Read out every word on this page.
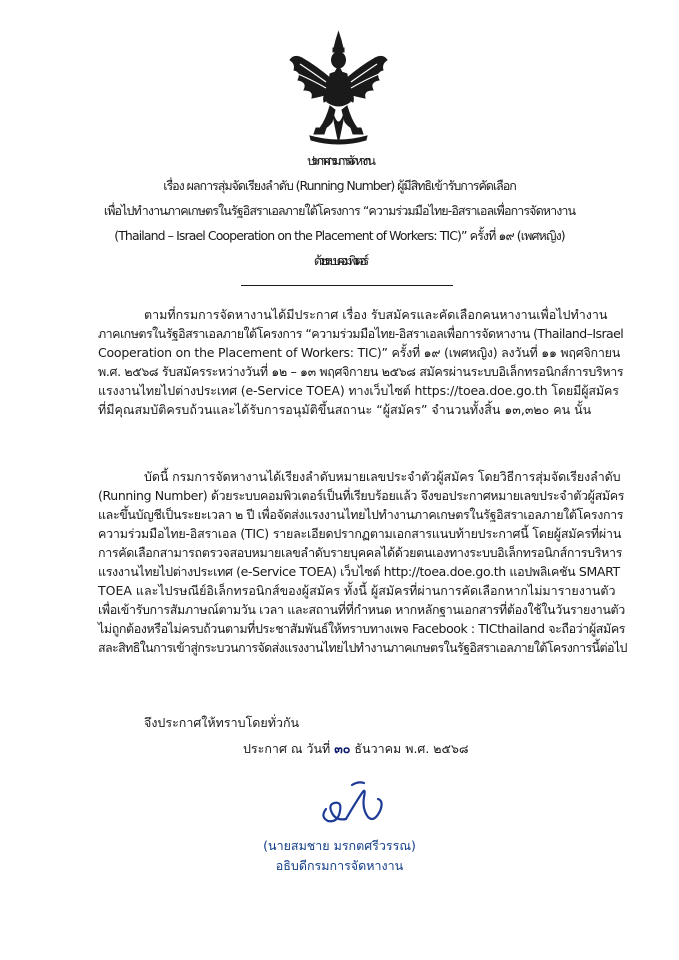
ประกาศกรมการจัดหางาน
เรื่อง ผลการสุ่มจัดเรียงลำดับ (Running Number) ผู้มีสิทธิเข้ารับการคัดเลือก
เพื่อไปทำงานภาคเกษตรในรัฐอิสราเอลภายใต้โครงการ “ความร่วมมือไทย-อิสราเอลเพื่อการจัดหางาน
(Thailand – Israel Cooperation on the Placement of Workers: TIC)” ครั้งที่ ๑๙ (เพศหญิง)
ด้วยระบบคอมพิวเตอร์
ตามที่กรมการจัดหางานได้มีประกาศ เรื่อง รับสมัครและคัดเลือกคนหางานเพื่อไปทำงาน
ภาคเกษตรในรัฐอิสราเอลภายใต้โครงการ “ความร่วมมือไทย-อิสราเอลเพื่อการจัดหางาน (Thailand–Israel
Cooperation on the Placement of Workers: TIC)” ครั้งที่ ๑๙ (เพศหญิง) ลงวันที่ ๑๑ พฤศจิกายน
พ.ศ. ๒๕๖๘ รับสมัครระหว่างวันที่ ๑๒ – ๑๓ พฤศจิกายน ๒๕๖๘ สมัครผ่านระบบอิเล็กทรอนิกส์การบริหาร
แรงงานไทยไปต่างประเทศ (e-Service TOEA) ทางเว็บไซต์ https://toea.doe.go.th โดยมีผู้สมัคร
ที่มีคุณสมบัติครบถ้วนและได้รับการอนุมัติขึ้นสถานะ “ผู้สมัคร” จำนวนทั้งสิ้น ๑๓,๓๒๐ คน นั้น
บัดนี้ กรมการจัดหางานได้เรียงลำดับหมายเลขประจำตัวผู้สมัคร โดยวิธีการสุ่มจัดเรียงลำดับ
(Running Number) ด้วยระบบคอมพิวเตอร์เป็นที่เรียบร้อยแล้ว จึงขอประกาศหมายเลขประจำตัวผู้สมัคร
และขึ้นบัญชีเป็นระยะเวลา ๒ ปี เพื่อจัดส่งแรงงานไทยไปทำงานภาคเกษตรในรัฐอิสราเอลภายใต้โครงการ
ความร่วมมือไทย-อิสราเอล (TIC) รายละเอียดปรากฏตามเอกสารแนบท้ายประกาศนี้ โดยผู้สมัครที่ผ่าน
การคัดเลือกสามารถตรวจสอบหมายเลขลำดับรายบุคคลได้ด้วยตนเองทางระบบอิเล็กทรอนิกส์การบริหาร
แรงงานไทยไปต่างประเทศ (e-Service TOEA) เว็บไซต์ http://toea.doe.go.th แอปพลิเคชัน SMART
TOEA และไปรษณีย์อิเล็กทรอนิกส์ของผู้สมัคร ทั้งนี้ ผู้สมัครที่ผ่านการคัดเลือกหากไม่มารายงานตัว
เพื่อเข้ารับการสัมภาษณ์ตามวัน เวลา และสถานที่ที่กำหนด หากหลักฐานเอกสารที่ต้องใช้ในวันรายงานตัว
ไม่ถูกต้องหรือไม่ครบถ้วนตามที่ประชาสัมพันธ์ให้ทราบทางเพจ Facebook : TICthailand จะถือว่าผู้สมัคร
สละสิทธิในการเข้าสู่กระบวนการจัดส่งแรงงานไทยไปทำงานภาคเกษตรในรัฐอิสราเอลภายใต้โครงการนี้ต่อไป
จึงประกาศให้ทราบโดยทั่วกัน
ประกาศ ณ วันที่ ๓๐ ธันวาคม พ.ศ. ๒๕๖๘
(นายสมชาย มรกตศรีวรรณ)
อธิบดีกรมการจัดหางาน
